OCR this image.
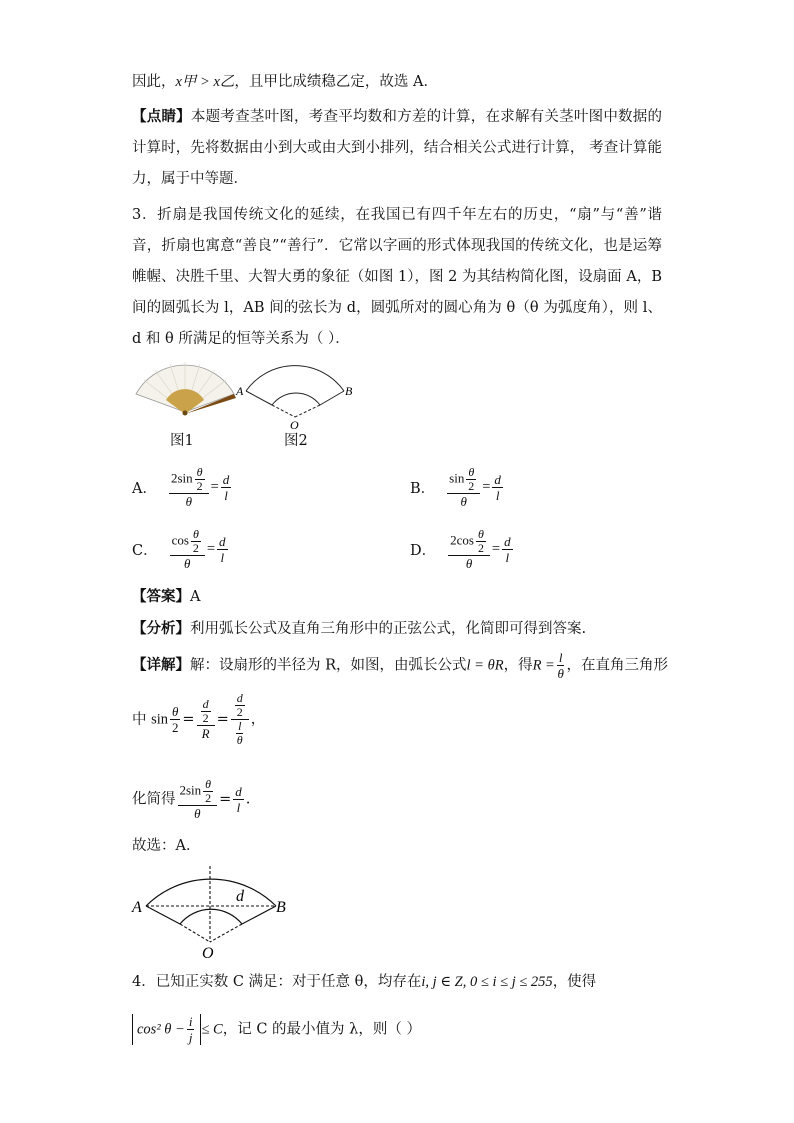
因此，x甲 > x乙，且甲比成绩稳乙定，故选 A．
【点睛】本题考查茎叶图，考查平均数和方差的计算，在求解有关茎叶图中数据的计算时，先将数据由小到大或由大到小排列，结合相关公式进行计算， 考查计算能力，属于中等题．
3．折扇是我国传统文化的延续，在我国已有四千年左右的历史，“扇”与“善”谐音，折扇也寓意“善良”“善行”．它常以字画的形式体现我国的传统文化，也是运筹帷幄、决胜千里、大智大勇的象征（如图 1），图 2 为其结构简化图，设扇面 A，B 间的圆弧长为 l，AB 间的弦长为 d，圆弧所对的圆心角为 θ（θ 为弧度角），则 l、d 和 θ 所满足的恒等关系为（ ）．
图1
A	B
O
图2
A． $\frac{2\sin \frac{\theta}{2}}{\theta} = \frac{d}{l}$	B． $\frac{\sin \frac{\theta}{2}}{\theta} = \frac{d}{l}$
C． $\frac{\cos \frac{\theta}{2}}{\theta} = \frac{d}{l}$	D． $\frac{2\cos \frac{\theta}{2}}{\theta} = \frac{d}{l}$
【答案】A
【分析】利用弧长公式及直角三角形中的正弦公式，化简即可得到答案.
【详解】解：设扇形的半径为 R，如图，由弧长公式l = θR，得$R = \frac{l}{\theta}$ ，在直角三角形
中 $\sin \frac{\theta}{2} = \frac{\frac{d}{2}}{R} = \frac{\frac{d}{2}}{\frac{l}{\theta}}$ ，
化简得 $\frac{2\sin \frac{\theta}{2}}{\theta} = \frac{d}{l}$ .
故选：A．
A	B
d
O
4．已知正实数 C 满足：对于任意 θ，均存在i, j ∈ Z, 0 ≤ i ≤ j ≤ 255，使得
cos² $\theta - \frac{i}{j} \le C$，记 C 的最小值为 λ，则（ ）
